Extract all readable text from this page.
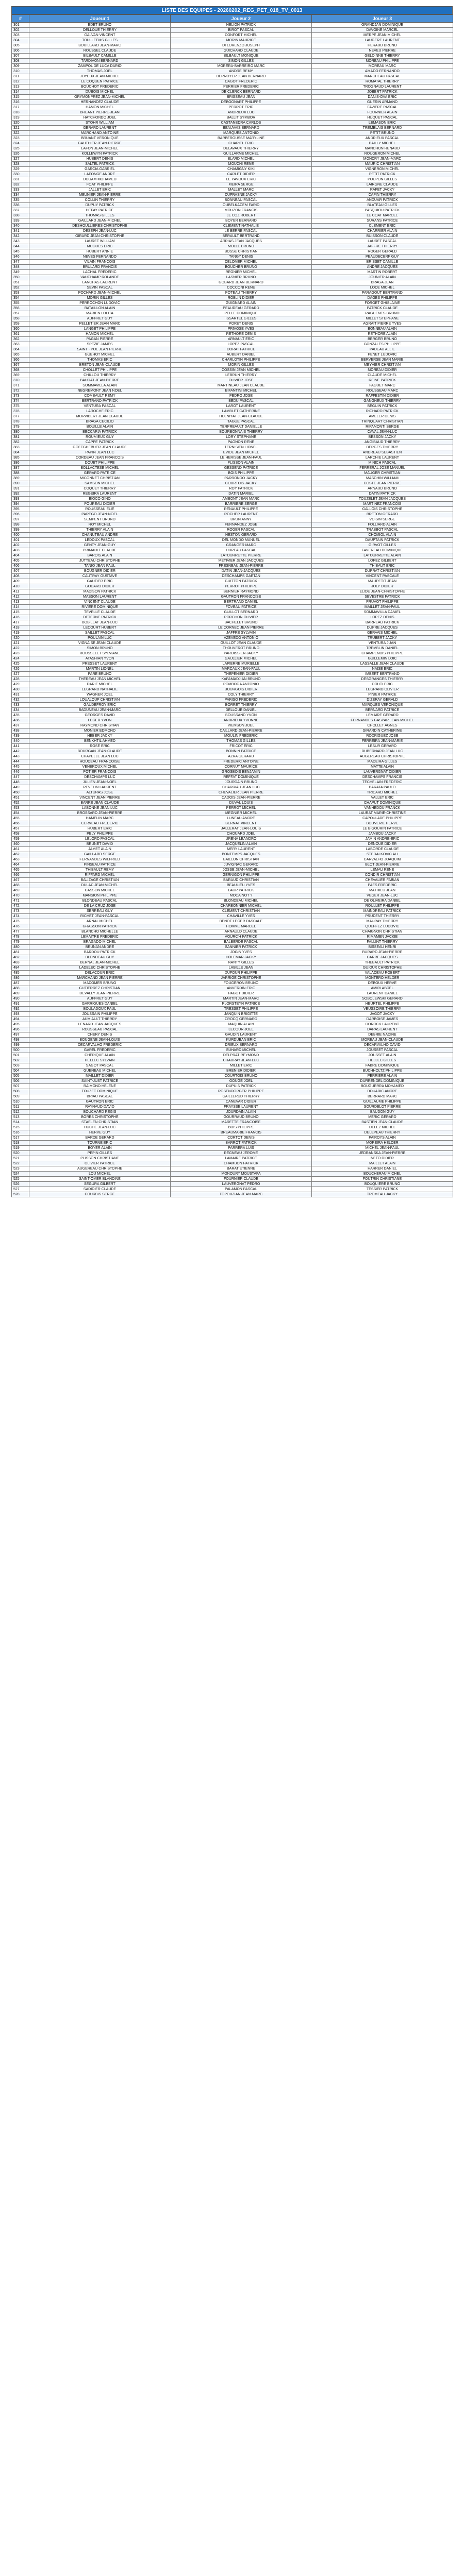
LISTE DES EQUIPES - 20260202_REG_PET_018_TV_0013
#	Joueur 1	Joueur 2	Joueur 3
301	EDET BRUNO	HELION PATRICK	GRANDJAN DOMINIQUE
302	DELLOUE THIERRY	BIROT PASCAL	DAVOINE MARCEL
303	GALVAN VINCENT	CONFORT MICHEL	MERPE JEAN MICHEL
304	TOULLEEMS GILLES	MORIN MAURICE	LAUGERE LAURENT
305	BOUILLARD JEAN-MARC	DI LORENZO JOSEPH	HERAUD BRUNO
306	ROUSSEL CLAUDE	GUICHARD CLAUDE	NEVEU PIERRE
307	BILBAULT CAMILLE	BILBAULT MONIQUE	GELOINNE THIERRY
308	TARDIVON BERNARD	SIMON GILLES	MOREAU PHILIPPE
309	ZAMPOL DE LUCA DARIO	MORERA-BARREIRO MARC	MOREAU MARC
310	THOMAS JOEL	ANDRE REMY	AMADO FERNANDO
311	JOYEUX JEAN-MICHEL	BERROYER JEAN BERNARD	MARCHEAU PASCAL
312	LE COQUEN PATRICE	DAGOT FREDERIC	ROMATAL THIERRY
313	BOUCHOT FREDERIC	PERRIER FREDERIC	TROGNAUD LAURENT
314	DUBOIS MICHEL	DE CLERCK BERNARD	JOBERT PATRICK
315	GRYMONPREZ JEAN-MICHEL	BRISSEAU JEAN	DANIS-OVA ERIC
316	HERNANDEZ CLAUDE	DEBOONART PHILIPPE	GUERIN ARMAND
317	HAMON MICHEL	PERROT ERIC	FAVIERE PASCAL
318	BREANT PIERRE-JEAN	ANDRIEUX LUC	FOURNIER ALAIN
319	HATCHONDO JOEL	BALLIT SYMBOR	HUQUET PASCAL
320	STOHR WILLIAM	CASTANEDRA CARLOS	LEMASON ERIC
321	GERARD LAURENT	BEAUVAIS BERNARD	TREMBLAIS BERNARD
322	MARCHAND ANTOINE	MARQUES ANTONIO	PETIT BRUNO
323	BRUANT VERONIQUE	BARBEROUSSE MARYLINE	ANDRIEUX PASCAL
324	GAUTHIER JEAN-PIERRE	CHARIEL ERIC	BAILLY MICHEL
325	LAFON JEAN-MICHEL	DELAVAUX THIERRY	MANCHON RENAUD
326	KOLLEWYN PATRICK	GUILLARME MICHEL	ROUGERON MICHEL
327	HUBERT DENIS	BLARD MICHEL	MONDRY JEAN-MARC
328	SALTEL PATRICK	MOUCHI RENE	MAURIC CHRISTIAN
329	GARCIA GABRIEL	CHAMIGNY KIKI	VIGNERON MICHEL
330	LAFONGE ANDRE	CARLET DIDIER	PETIT PATRICK
331	DOUAM MOHAMED	LE PAVOUX ERIC	POUPON GILLES
332	FOAT PHILIPPE	MEIRA SERGE	LAIRGNE CLAUDE
333	JALLET ERIC	MALLET MARC	RAFET JACKY
334	MEUNIER JEAN-PIERRE	DUFRASNE JACKY	CAPIN THIERRY
335	COLLIN THIERRY	BONNEAU PASCAL	ANDUAR PATRICK
336	DUPUY PATRICK	OUBELKACEM FARID	BLATEAU GILLES
337	HEFAY PATRICE	MOUZON FRANCIS	PASQUIOU PATRICK
338	THOMAS GILLES	LE COZ ROBERT	LE COAT MARCEL
339	GAILLARD JEAN-MICHEL	BOYER BERNARD	SURANS PATRICE
340	DESHOULLIERES CHRISTOPHE	CLEMENT NATHALIE	CLEMENT ERIC
341	DESEPH JEAN-LUC	LE BERRE PASCAL	CHARRIER ALAIN
342	GIRARD JEAN CHRISTOPHE	BERAULT BERTRAND	BUISSON CLAUDE
343	LAURET WILLIAM	ARRIAS JEAN JACQUES	LAURET PASCAL
344	MUGUES ERIC	MOLLE BRUNO	JAFFRE THIERRY
345	HUBERT ANNIE	BOSSE CHRISTIAN	ROGER GERALD
346	NEVES FERNANDO	TANGY DENIS	PEAUDECERF GUY
347	VILAIN FRANCOIS	DELOMER MICHEL	BRISSET CAMILLE
348	BRULARD FRANCIS	BOUCHER BRUNO	ANDRE JACQUES
349	LACHAL FREDERIC	REGNIER MICHEL	MARTIN ROBERT
350	VAUCHAMP ROLANDE	LASNIER BRUNO	JOUNIER ALAIN
351	LANCHAS LAURENT	GOBARD JEAN-BERNARD	BRAGA JEAN
352	SEVIN PASCAL	COCCONI RENE	LODE MICHEL
353	POCHARD JEAN-MICHEL	POTEAU THIERRY	FARAGOUT BERTRAND
354	MORIN GILLES	ROBLIN DIDIER	DAGES PHILIPPE
355	PERROCHON LUDOVIC	GUIGNARD ALAIN	FORGET GHISLAINE
356	BATAILLON ALAIN	PEAUDEAU GERARD	PATRICK CLAUDE
357	MARIEN LOLITA	PELLE DOMINIQUE	RAGUENES BRUNO
358	AUFFRET GUY	ISSARTEL GILLES	MILLET STEPHANE
359	PELLETIER JEAN MARC	PORET DENIS	AGRAIT PIERRE YVES
360	LANGET PHILIPPE	PRIVOSE YVES	BONNEAU ALAIN
361	HAMON MICHEL	RETHORE DENIS	RETHORE ALAIN
362	PAGAN PIERRE	ARNAULT ERIC	BERGER BRUNO
363	SPEZIE JAMES	LOPEZ PASCAL	GONZALES PHILIPPE
364	SAINT - POL JEAN PIERRE	DORAT PATRICE	PADEAU ALLIE
365	GUEHOT MICHEL	AUBERT DANIEL	PENET LUDOVIC
366	THOMAS ERIC	CHARLOTIN PHILIPPE	BERVERSE JEAN MARIE
367	BRETON JEAN-CLAUDE	MORIN GILLES	MEYVIER CHRISTIAN
368	CHOLLET PHILIPPE	COSSIN JEAN MICHEL	MOREAU DIDIER
369	CHILLOU THIERRY	LEBRUN THIERRY	CLAUDE MICHEL
370	BAUDAT JEAN-PIERRE	OLIVIER JOSE	REINE PATRICK
371	SOMMAVILLA ALAIN	MARTINEAU JEAN CLAUDE	FAGUET MARC
372	NEGREMONT JEAN NOEL	BIFANTINI MICHEL	ROUSSEAU MARC
373	COMBAULT REMY	PEDRO JOSE	RAFFESTIN DIDIER
374	BERTRAND PATRICK	BEDU PASCAL	GANGNEUX THIERRY
375	VENTURA PASCAL	LAROT LAURENT	BEGUIN PATRICK
376	LAROCHE ERIC	LAMBLET CATHERINE	RICHARD PATRICK
377	MORVIBERT JEAN CLAUDE	HOLNIYAT JEAN-CLAUDE	AMELER DENIS
378	BRAGA CECILIO	TAGUE PASCAL	TRINQUART CHRISTIAN
379	BOUILLE ALAIN	TERPREAULT DANIELLE	RIPAMONTI SERGE
380	BECCARIA PATRICK	BOURBONNAIS THIERRY	CAVAL JEAN-LUC
381	ROUMIEUX GUY	LORY STEPHANE	BESSON JACKY
382	CAPPE PATRICK	PAGNON RENE	ANGIBAUD THIERRY
383	GOETGHEBUER JEAN CLAUDE	TERNISIEN LIONEL	BERGES THIERRY
384	PAPIN JEAN LUC	EVIDE JEAN MICHEL	ANDREAU SEBASTIEN
385	CORDEAU JEAN FRANCOIS	LE HERISSE JEAN-PAUL	LARCHIE LAURENT
386	DOUET PHILIPPE	PLISSON ALAIN	MINICH PASCAL
387	BOLLACTESE MICHEL	GESSEND PATRICE	FERRERAL JOSE MANUEL
388	GERARD PATRICE	BOIS PHILIPPE	MAUGER CHRISTIAN
389	MICONNET CHRISTIAN	PARRONDO JACKY	MASCHIN WILLIAM
390	SAMSON MICHEL	COURTOIS JACKY	COSTE JEAN PIERRE
391	COQUET THIERRY	ROY PATRICK	ARNAUD BRUNO
392	REGEIRA LAURENT	DATIN MARIEL	DATIN PATRICK
393	BIOCO GINO	AMBONT JEAN MARC	TOUZELET JEAN JACQUES
394	POUREAU DIDIER	BARRIERE SERGE	MARTINEZ FRANCOIS
395	ROUSSEAU ELIE	RENAULT PHILIPPE	GALLOIS CHRISTOPHE
396	PAREGO JEAN-NOEL	ROCHER LAURENT	BRETON GERARD
397	SEMPENT BRUNO	BRUN ANNY	VOISIN SERGE
398	ROY MICHEL	FERNANDEZ JOSE	FOLLIARD ALAIN
399	THIERRY ALAIN	ROGER PASCAL	TRABBOT PASCAL
400	CHANUTEAU ANDRE	HESTON GERARD	CHOMIOL ALAIN
401	LEDOUX PASCAL	DEL MONDO MANUEL	DAUPTAIN PATRICK
402	GENTY JEAN-GUY	GRANGER MARC	GIRVOT GILLES
403	PRIMAULT CLAUDE	HUREAU PASCAL	FAVEREAU DOMINIQUE
404	BAROIS ALAIN	LATOURRETTE PIERRE	LATOURRETTE ALAIN
405	JUTTEAU CHRISTOPHE	METIVIER JEAN JACQUES	LOPEZ GILBERT
406	TANIO JEAN PAUL	FRESNEAU JEAN-PIERRE	THIBAUT ERIC
407	BOUGNER DIDIER	DATIN JEAN-JACQUES	DUPRAT CHRISTIAN
408	CAUTRAY GUSTAVE	DESCHAMPS GAETAN	VINCENT PASCALE
409	GAUTIER ERIC	GUITTON PATRICK	MAUPETIT JEAN
410	GODARD DIDIER	PERROT PHILIPPE	JOLY DIDIER
411	MADISON PATRICK	BERNIER RAYMOND	ELIDE JEAN-CHRISTOPHE
412	MASSON LAURENT	GAUTRON FRANCOISE	SEVESTRE PATRICK
413	VINCENT CLAUDE	BERTRAND DANIEL	PRUVOT PHILIPPE
414	RIVIERE DOMINIQUE	FOVEAU PATRICE	MAILLET JEAN-PAUL
415	TEVELLE CLAUDE	GUILLOT BERNARD	SOMMAVILLA DANIEL
416	DETERNE PATRICK	PORCHON OLIVIER	LOPEZ DENIS
417	BOBILLAT JEAN-LUC	BACHELET BRUNO	BARREAU PATRICK
418	LECOURT HUBERT	LE CORNEC JEAN PIERRE	DUPRE JACQUES
419	SAILLET PASCAL	JAFFRE SYLVAIN	GERVAIS MICHEL
420	POULAIN LUC	AZEVEDO ANTONIO	TRUBERT JACKY
421	VIGNAISE JEAN CLAUDE	GUILLOT JEAN CLAUDE	VENTURA JUAN
422	SIMON BRUNO	THOUVEROT BRUNO	TREMBLIN DANIEL
423	ROUSSELET SYLVIANE	PAROISSIEN JACKY	CHAMPENOIS PHILIPPE
424	ATASHIAN YVON	GAULLIER MICHEL	GUILLEMIN LOIC
425	PRESSET LAURENT	LAPIERRE MURIELLE	LASSALLE JEAN CLAUDE
426	MARTIN LIONEL	MARCAUX JEAN-PAUL	NAISE ERIC
427	PARE BRUNO	THEPENIER DIDIER	IMBERT BERTRAND
428	THEREAU JEAN MICHEL	KAPAMADJIAN BRUNO	DESGRANGES THIERRY
429	DARIE MICHEL	POMBOGA ANTONIO	COUTI ERIC
430	LEGRAND NATHALIE	BOURGOIS DIDIER	LEGRAND OLIVIER
431	WAGNER JOEL	COLY THIERRY	PINIER PATRICE
432	LOUALOUF CHRISTIAN	PARISO FREDERIC	DIZERAY GERALD
433	GAUDEFROY ERIC	BORRET THIERRY	MARQUES VERONIQUE
434	BADUNEAU JEAN-MARC	DELLOUE DANIEL	BERNARD PATRICE
435	GEORGES DAVID	BOUSSAND YVON	LEMAIRE GERARD
436	LEGER YVON	ANDRIEUX YVONNE	FERNANDES GASPAR JEAN-MICHEL
437	RAYMOND CHRISTIAN	VIEMSON JOEL	CHOLLET AGNES
438	MONIER EDMOND	CAILLARD JEAN-PIERRE	GIRARDIN CATHERINE
439	HEBER JACKY	MOULIN FREDERIC	RODRIGUEZ JOSE
440	BENKHTIL AHMED	THOMAS GILLES	FERREIRA JEAN-MARIE
441	ROSE ERIC	FRICOT ERIC	LESUR GERARD
442	BOURGAN JEAN-CLAUDE	BONNIN PATRICE	DUBERNARD JEAN LUC
443	CHAPELLE JEAN LUC	AZRA GERARD	AUGEREAU CHRISTOPHE
444	HOUDEAU FRANCOISE	FREDERIC ANTOINE	MADEIRA GILLES
445	VENEROUX MICHEL	CORNUT MAURICE	MATTE ALAIN
446	POTIER FRANCOIS	GROSBOIS BENJAMIN	LAUVERGNAT DIDIER
447	DESCHAMPS LUC	REFFAT DOMINIQUE	DESCHAMPS FRANCIS
448	JULIEN JEAN-NOEL	JOURDAIN BRUNO	TECHELAIN FREDERIC
449	REVELIN LAURENT	CHARRIAU JEAN-LUC	BARATA PAULO
450	ALTURAS JOSE	CHEVALIER JEAN PIERRE	TRICARD MICHEL
451	VINCENT JEAN PIERRE	CADOIS JEAN-PIERRE	VALLET ERIC
452	BARRE JEAN CLAUDE	DUVAL LOUIS	CHAPUT DOMINIQUE
453	LABONNE JEAN LUC	PERROT MICHEL	VANHEDOU FRANCK
454	BROSSARD JEAN-PIERRE	MEGNIER MICHEL	LAURAT MARIE-CHRISTINE
455	HAMELIN MARC	LUNEAU ANDRE	CAPOULADE PHILIPPE
456	CERVEAU FREDERIC	BERNAT VINCENT	BOUVERIE HERVE
457	HUBERT ERIC	JALLERAT JEAN-LOUIS	LE BIGOURIN PATRICE
458	PELY PHILIPPE	CHOUARD JOEL	JAMBOU JACKY
459	LELORD PASCAL	URENA LEANDRO	JAMIN ANDRE-ERIC
460	BRUNET DAVID	JACQUELIN ALAIN	DENOUE DIDIER
461	JAMET ALAIN	MERY LAURENT	LABORDE CLAUDE
462	GAILLARD SERGE	BONTEMPS JACQUES	STEDALKOVIC ALI
463	FERNANDES WILFRIED	BAILLON CHRISTIAN	CARVALHO JOAQUIM
464	PINSEAU PATRICE	JUVIGNAC GERARD	BLOT JEAN-PIERRE
465	THIBAULT REMY	JOSSE JEAN-MICHEL	LEMAU RENE
466	RIFFARD MICHEL	GERNIGON PHILIPPE	CONDIR CHRISTIAN
467	BALIZAGE CHRISTIAN	BARAUD CHRISTIAN	CHEVALIER FABIAN
468	DULAC JEAN MICHEL	BEAULIEU YVES	PAES FREDERIC
469	CASSON MICHEL	LAUR PATRICK	MATHIEU JEAN
470	MANSION PHILIPPE	MOCAINOT ?	VEGER JEAN-LUC
471	BLONDEAU PASCAL	BLONDEAU MICHEL	DE OLIVEIRA DANIEL
472	DE LA CRUZ JOSE	CHARBONNIER MICHEL	ROULLET PHILIPPE
473	SERREAU GUY	CLEMENT CHRISTIAN	MAINDREAU PATRICK
474	RICHET JEAN-PASCAL	CHAVILLE YVES	PRUDENT THIERRY
475	ARNAL MICHEL	BENOT-LEGER PASCALE	MAURAY THIERRY
476	GRASSON PATRICK	HOMME MARCEL	QUEFFEZ LUDOVIC
477	BLANCHO MICHELLE	ARNAULD CLAUDE	CHAIGNON CHRISTIAN
478	LEMAITRE FREDERIC	VOURC'H PATRICK	RIMAMEN JACKIE
479	BRAGADO MICHEL	BALBERDE PASCAL	FALLINT THIERRY
480	BRUNAN ANDRE	SANNIER PATRICK	BISSEAU HENRI
481	BARDOU PATRICK	JOGIN YVES	BURARD JEAN-PIERRE
482	BLONDEAU GUY	HOLEMAR JACKY	CARRE JACQUES
483	BERNAL JEAN-MICHEL	NANTY GILLES	THEBAULT PATRICK
484	LADELEC CHRISTOPHE	LABILLE JEAN	GUIOUX CHRISTOPHE
485	DELACOUR ERIC	DUFOUR PHILIPPE	VALADEAU ROBERT
486	MARCHAND JEAN PIERRE	JARRIGE CHRISTOPHE	MONTERO HELDER
487	MADOMER BRUNO	FOUGERON BRUNO	DEBOUX HERVE
488	GUTIERREZ CHRISTIAN	ANVERDIN ERIC	AMIRI ABDEL
489	DEVALLY JEAN-PIERRE	PAGOT DIDIER	LAURENT DANIEL
490	AUFFRET GUY	MARTIN JEAN-MARC	SOBOLEWSKI GERARD
491	GARRIGUES DANIEL	PLORSTEYN PATRICE	HEURTEL PHILIPPE
492	BOULADOUX PAUL	TRESSET PHILIPPE	VEUSSOIRE THIERRY
493	JOUSSAIN PHILIPPE	JANQUIN BRIGITTE	JAGOT JACKY
494	AUMIAULT THIERRY	CROCQ GERNARD	DARBOISE JAMES
495	LENARD JEAN JACQUES	MAQUIN ALAIN	DOROCK LAURENT
496	ROUSSEAU PASCAL	LECOUR JOEL	DARAS LAURENT
497	CHERY DENIS	GAUDIN LAURENT	DEBRIE NADINE
498	BOUGENE JEAN-LOUIS	KURDUBAN ERIC	MOREAU JEAN-CLAUDE
499	DECARVALHO FREDERIC	DRIEUX BERNARD	DECARVALHO DAVID
500	GAREL FREDERIC	SUHARD MICHEL	JOUSSET PASCAL
501	CHERIQUE ALAIN	DELPRAT REYMOND	JOUSSET ALAIN
502	HELLEC SYLVAIN	CHAURAY JEAN-LUC	HELLEC GILLES
503	SAGOT PASCAL	MILLET ERIC	FABRE DOMINIQUE
504	GUENEAU MICHEL	BRENIER DIDIER	BUCHHOLTZ PHILIPPE
505	MAILLET DIDIER	COURTOIS BRUNO	PERRIERE ALAIN
506	SAINT-JUST PATRICE	GOUGE JOEL	DURRENDEL DOMINIQUE
507	RAIMOND HELENE	DUPUIS PATRICK	BOUGUERRA MOHAMED
508	TOUZET DOMINIQUE	ROSENDORGER PHILIPPE	DOUADIC ANDRE
509	BRIAU PASCAL	GAILLERUD THIERRY	BERNARD MARC
510	GAUTRON ERIC	CANEVAR DIDIER	GUILLAUME PHILIPPE
511	RAYNAUD DAVID	FRAYSSE LAURENT	SOURDELOT PIERRE
512	BOUCHARD REGIS	JOURDAIN ALAIN	BAUDON GUY
513	BORES CHRISTOPHE	GOURRAUD BRUNO	MERIC GERARD
514	STAELEN CHRISTIAN	MARETTE FRANCOISE	BASTIEN JEAN-CLAUDE
515	HUCHE JEAN-LUC	BOIS PHILIPPE	DELEZ MICHEL
516	HERVE GUY	BREAUMARIE FRANCIS	DELEPEAU THIERRY
517	BARDE GERARD	CORTOT DENIS	PAIROYS ALAIN
518	TOURNE ERIC	BARROT PATRICK	MOREIRA HELDER
519	BOYER ALAIN	PARRERA LUIS	MICHEL JEAN-PAUL
520	PEPIN GILLES	REGNEAU JEROME	JEDRANSKA JEAN-PIERRE
521	PLISSON CHRISTIANE	LAMAIRE PATRICE	NETO DIDIER
522	OLIVIER PATRICE	CHAMBON PATRICK	MAILLET ALAIN
523	AUGEREAU CHRISTOPHE	BARAT ETIENNE	HARRER DANIEL
524	LOU MICHEL	MONOURY MOUSTAFA	BOUCHERAU MICHEL
525	SAINT-OMER BLANDINE	FOURNIER CLAUDE	FOUTRIN CHRISTIANE
526	SEGURA GILBERT	LAUVERGNAT PEDRO	BOUQUIERE BRUNO
527	SADIDIER CLAUDE	PALAMON PASCAL	TESSIER PATRICK
528	COURBIS SERGE	TOPOUZIAN JEAN-MARC	TROMEAU JACKY
